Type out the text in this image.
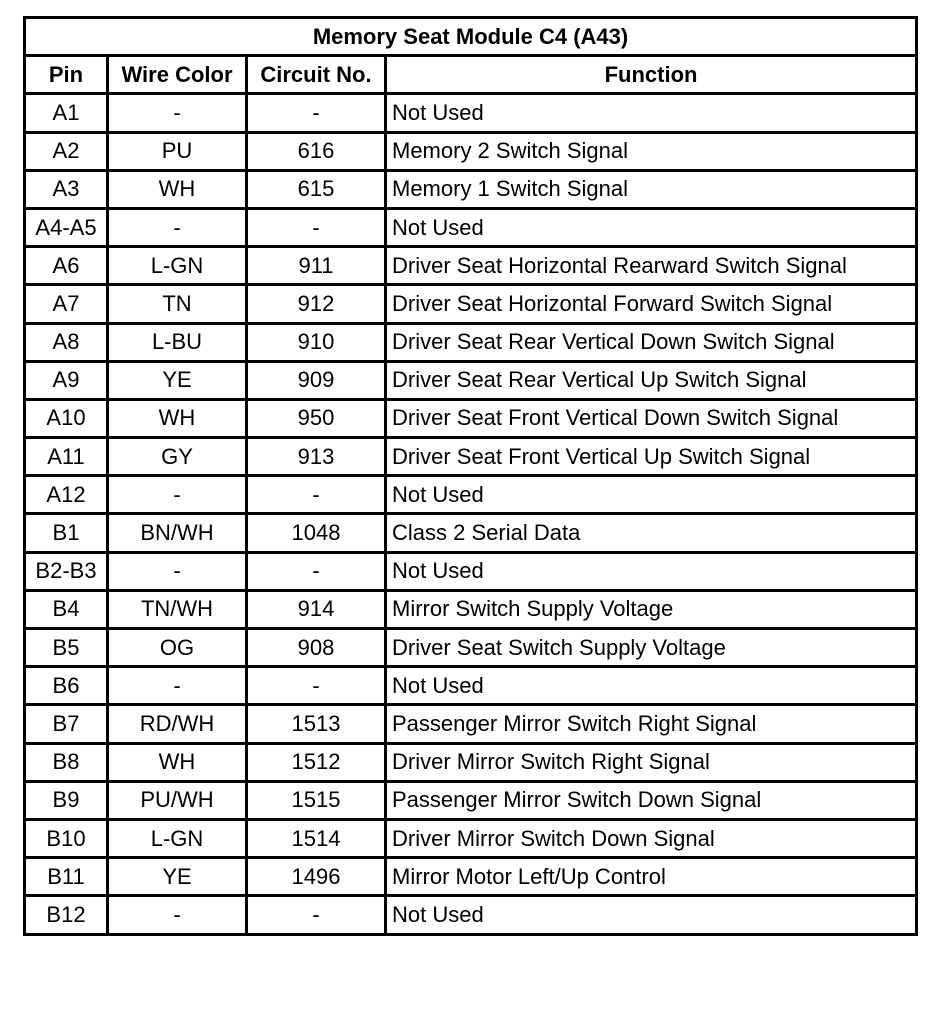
Memory Seat Module C4 (A43)			
Pin	Wire Color	Circuit No.	Function
A1	-	-	Not Used
A2	PU	616	Memory 2 Switch Signal
A3	WH	615	Memory 1 Switch Signal
A4-A5	-	-	Not Used
A6	L-GN	911	Driver Seat Horizontal Rearward Switch Signal
A7	TN	912	Driver Seat Horizontal Forward Switch Signal
A8	L-BU	910	Driver Seat Rear Vertical Down Switch Signal
A9	YE	909	Driver Seat Rear Vertical Up Switch Signal
A10	WH	950	Driver Seat Front Vertical Down Switch Signal
A11	GY	913	Driver Seat Front Vertical Up Switch Signal
A12	-	-	Not Used
B1	BN/WH	1048	Class 2 Serial Data
B2-B3	-	-	Not Used
B4	TN/WH	914	Mirror Switch Supply Voltage
B5	OG	908	Driver Seat Switch Supply Voltage
B6	-	-	Not Used
B7	RD/WH	1513	Passenger Mirror Switch Right Signal
B8	WH	1512	Driver Mirror Switch Right Signal
B9	PU/WH	1515	Passenger Mirror Switch Down Signal
B10	L-GN	1514	Driver Mirror Switch Down Signal
B11	YE	1496	Mirror Motor Left/Up Control
B12	-	-	Not Used
